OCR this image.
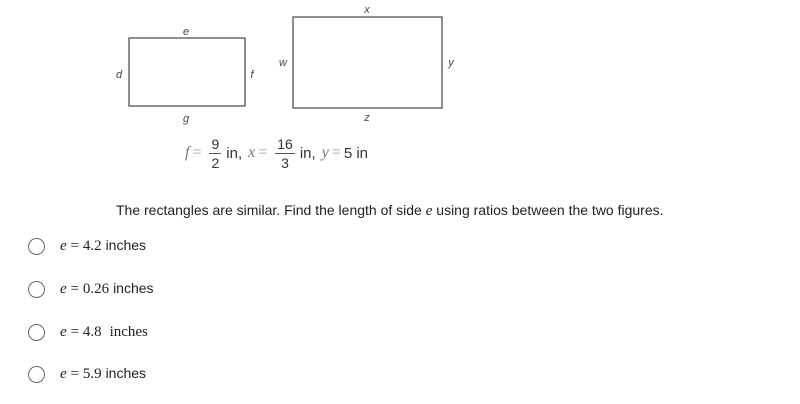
e
d	f
g
x
w	y
z
$f = \frac{9}{2}$ in, $x = \frac{16}{3}$ in, y = 5 in
The rectangles are similar. Find the length of side e using ratios between the two figures.
e = 4.2 inches
e = 0.26 inches
e = 4.8 inches
e = 5.9 inches
